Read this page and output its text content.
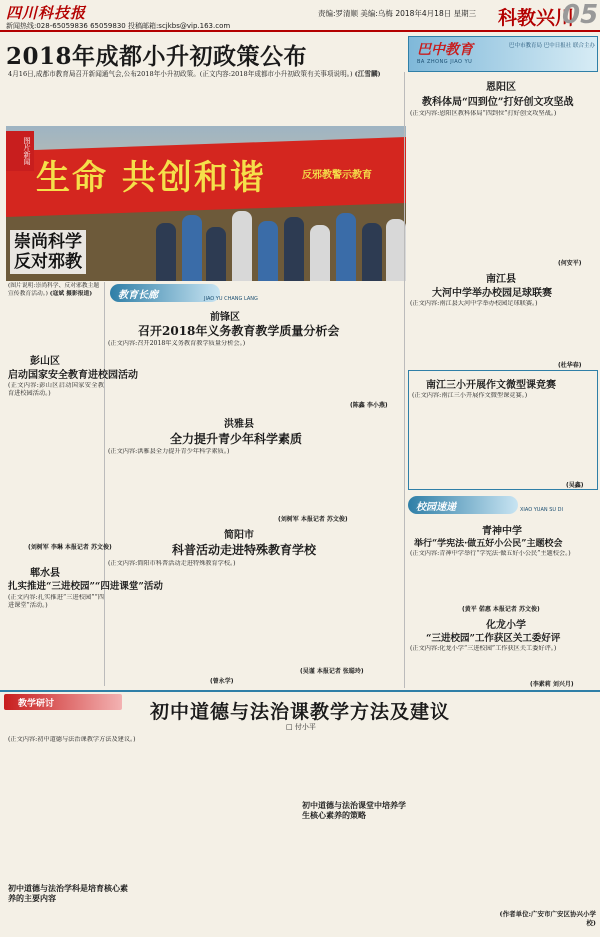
四川科技报
新闻热线:028-65059836 65059830 投稿邮箱:scjkbs@vip.163.com
责编:罗清顺 美编:乌梅 2018年4月18日 星期三 科教兴川
05
2018年成都小升初政策公布
4月16日,成都市教育局召开新闻通气会,公布2018年小升初政策。(正文内容:2018年成都市小升初政策有关事项说明。) (江雪麟)
巴中教育
BA ZHONG JIAO YU
巴中市教育局 巴中日报社 联合主办
生命 共创和谐	反邪教警示教育
图片新闻
崇尚科学
反对邪教
(图片说明:崇尚科学、反对邪教主题宣传教育活动。) (寇斌 摄影报道)	教育长廊	JIAO YU CHANG LANG
彭山区
启动国家安全教育进校园活动
(正文内容:彭山区启动国家安全教育进校园活动。)
(刘树军 李琳 本报记者 苏文俊)
郫水县
扎实推进“三进校园”“四进课堂”活动
(正文内容:扎实推进“三进校园”“四进课堂”活动。)
(曾永学)
前锋区
召开2018年义务教育教学质量分析会
(正文内容:召开2018年义务教育教学质量分析会。)
(陈鑫 李小燕)
洪雅县
全力提升青少年科学素质
(正文内容:洪雅县全力提升青少年科学素质。)
(刘树军 本报记者 苏文俊)
简阳市
科普活动走进特殊教育学校
(正文内容:简阳市科普活动走进特殊教育学校。)
(吴谨 本报记者 张聪玲)
恩阳区
教科体局“四到位”打好创文攻坚战
(正文内容:恩阳区教科体局“四到位”打好创文攻坚战。)
(何安平)
南江县
大河中学举办校园足球联赛
(正文内容:南江县大河中学举办校园足球联赛。)
(杜华春)
南江三小开展作文微型课竞赛
(正文内容:南江三小开展作文微型课竞赛。)
(吴鑫)
校园速递	XIAO YUAN SU DI
青神中学
举行“学宪法·做五好小公民”主题校会
(正文内容:青神中学举行“学宪法·做五好小公民”主题校会。)
(黄平 偌惠 本报记者 苏文俊)
化龙小学
“三进校园”工作获区关工委好评
(正文内容:化龙小学“三进校园”工作获区关工委好评。)
(李素莉 刘兴月)
教学研讨	初中道德与法治课教学方法及建议
□ 付小平
(正文内容:初中道德与法治课教学方法及建议。)
初中道德与法治学科是培育核心素养的主要内容
初中道德与法治课堂中培养学生核心素养的策略
(作者单位:广安市广安区协兴小学校)
